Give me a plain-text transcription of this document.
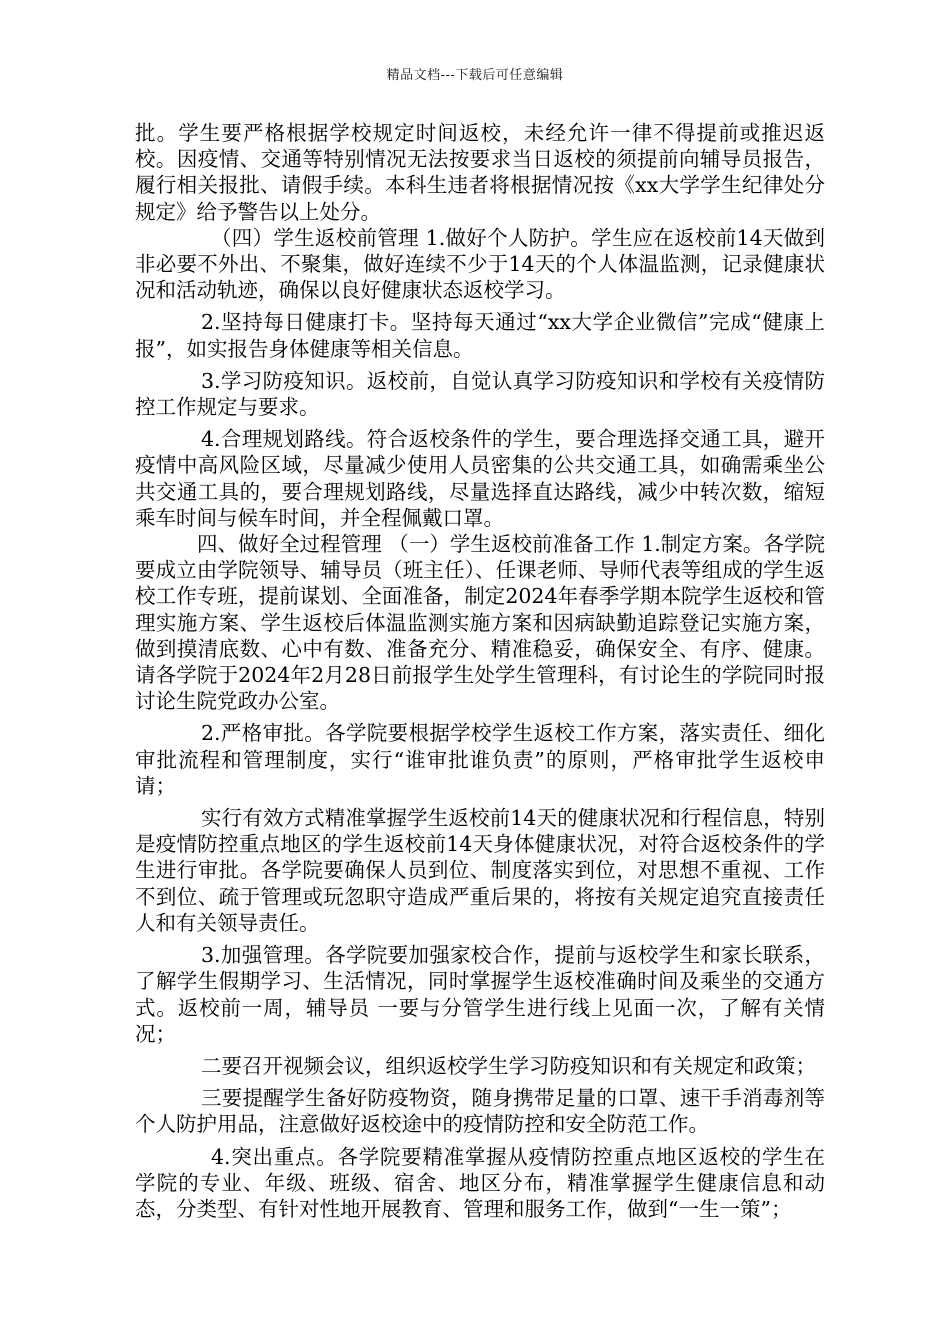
精品文档---下载后可任意编辑

批。学生要严格根据学校规定时间返校，未经允许一律不得提前或推迟返校。因疫情、交通等特别情况无法按要求当日返校的须提前向辅导员报告，履行相关报批、请假手续。本科生违者将根据情况按《xx大学学生纪律处分规定》给予警告以上处分。

（四）学生返校前管理 1.做好个人防护。学生应在返校前14天做到非必要不外出、不聚集，做好连续不少于14天的个人体温监测，记录健康状况和活动轨迹，确保以良好健康状态返校学习。

2.坚持每日健康打卡。坚持每天通过“xx大学企业微信”完成“健康上报”，如实报告身体健康等相关信息。

3.学习防疫知识。返校前，自觉认真学习防疫知识和学校有关疫情防控工作规定与要求。

4.合理规划路线。符合返校条件的学生，要合理选择交通工具，避开疫情中高风险区域，尽量减少使用人员密集的公共交通工具，如确需乘坐公共交通工具的，要合理规划路线，尽量选择直达路线，减少中转次数，缩短乘车时间与候车时间，并全程佩戴口罩。

四、做好全过程管理 （一）学生返校前准备工作 1.制定方案。各学院要成立由学院领导、辅导员（班主任）、任课老师、导师代表等组成的学生返校工作专班，提前谋划、全面准备，制定2024年春季学期本院学生返校和管理实施方案、学生返校后体温监测实施方案和因病缺勤追踪登记实施方案，做到摸清底数、心中有数、准备充分、精准稳妥，确保安全、有序、健康。请各学院于2024年2月28日前报学生处学生管理科，有讨论生的学院同时报讨论生院党政办公室。

2.严格审批。各学院要根据学校学生返校工作方案，落实责任、细化审批流程和管理制度，实行“谁审批谁负责”的原则，严格审批学生返校申请；

实行有效方式精准掌握学生返校前14天的健康状况和行程信息，特别是疫情防控重点地区的学生返校前14天身体健康状况，对符合返校条件的学生进行审批。各学院要确保人员到位、制度落实到位，对思想不重视、工作不到位、疏于管理或玩忽职守造成严重后果的，将按有关规定追究直接责任人和有关领导责任。

3.加强管理。各学院要加强家校合作，提前与返校学生和家长联系，了解学生假期学习、生活情况，同时掌握学生返校准确时间及乘坐的交通方式。返校前一周，辅导员 一要与分管学生进行线上见面一次，了解有关情况；

二要召开视频会议，组织返校学生学习防疫知识和有关规定和政策；

三要提醒学生备好防疫物资，随身携带足量的口罩、速干手消毒剂等个人防护用品，注意做好返校途中的疫情防控和安全防范工作。

4.突出重点。各学院要精准掌握从疫情防控重点地区返校的学生在学院的专业、年级、班级、宿舍、地区分布，精准掌握学生健康信息和动态，分类型、有针对性地开展教育、管理和服务工作，做到“一生一策”；
